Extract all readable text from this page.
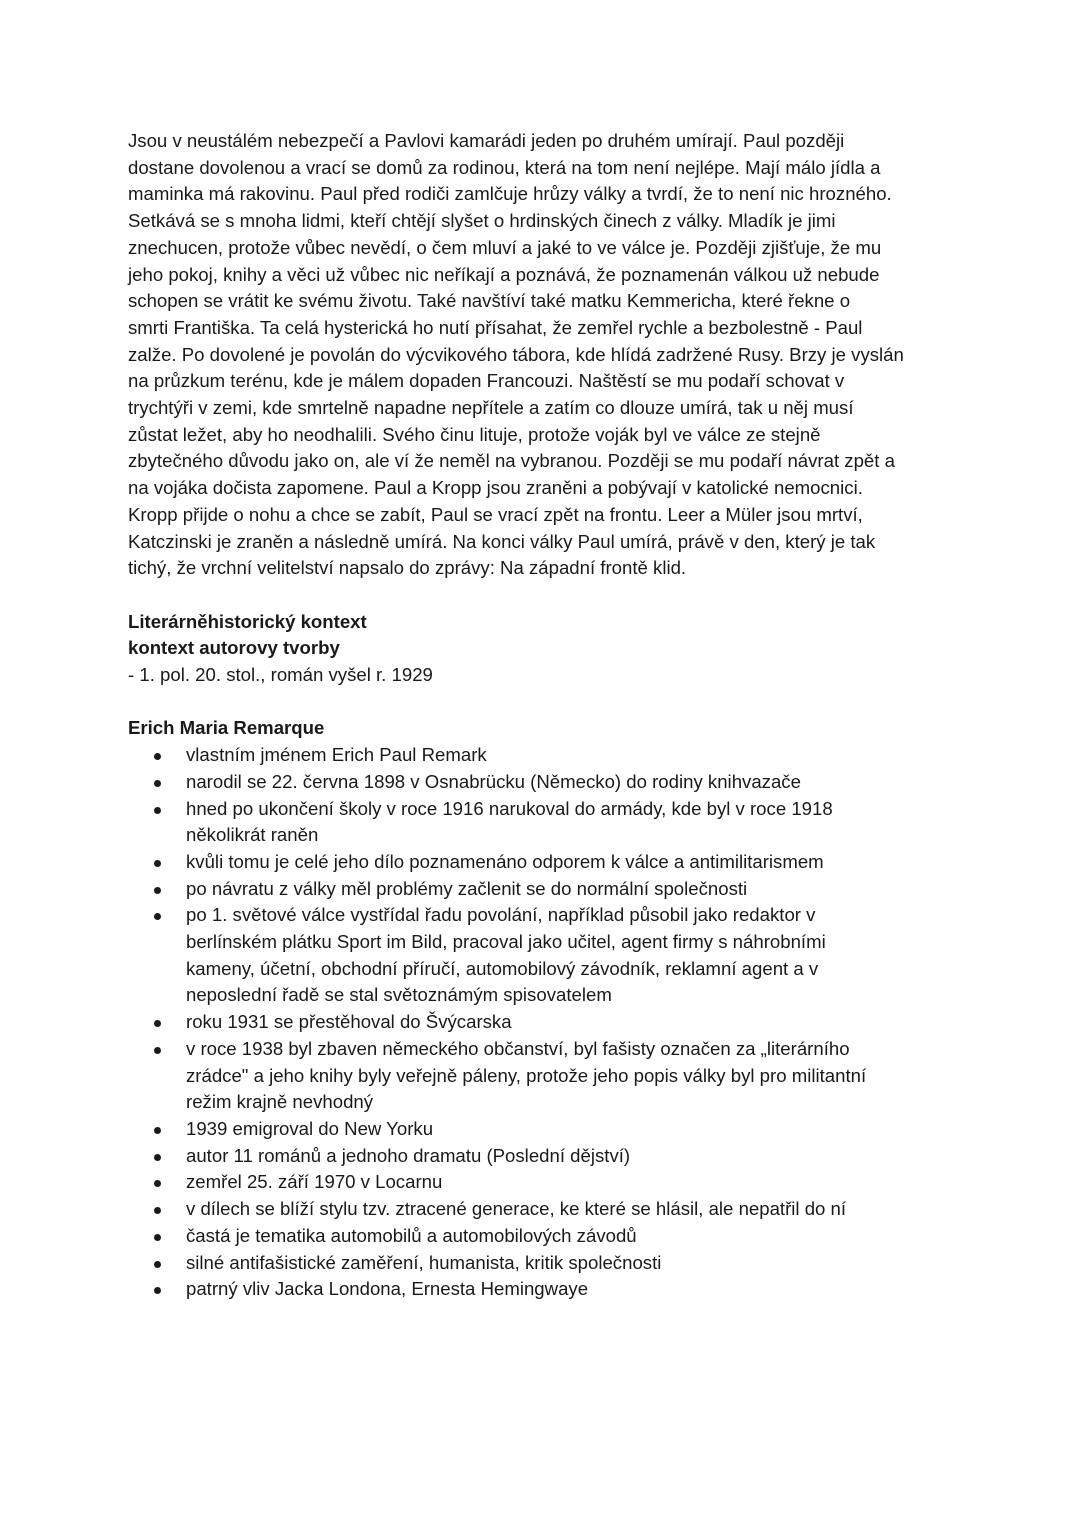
Jsou v neustálém nebezpečí a Pavlovi kamarádi jeden po druhém umírají. Paul později
dostane dovolenou a vrací se domů za rodinou, která na tom není nejlépe. Mají málo jídla a
maminka má rakovinu. Paul před rodiči zamlčuje hrůzy války a tvrdí, že to není nic hrozného.
Setkává se s mnoha lidmi, kteří chtějí slyšet o hrdinských činech z války. Mladík je jimi
znechucen, protože vůbec nevědí, o čem mluví a jaké to ve válce je. Později zjišťuje, že mu
jeho pokoj, knihy a věci už vůbec nic neříkají a poznává, že poznamenán válkou už nebude
schopen se vrátit ke svému životu. Také navštíví také matku Kemmericha, které řekne o
smrti Františka. Ta celá hysterická ho nutí přísahat, že zemřel rychle a bezbolestně - Paul
zalže. Po dovolené je povolán do výcvikového tábora, kde hlídá zadržené Rusy. Brzy je vyslán
na průzkum terénu, kde je málem dopaden Francouzi. Naštěstí se mu podaří schovat v
trychtýři v zemi, kde smrtelně napadne nepřítele a zatím co dlouze umírá, tak u něj musí
zůstat ležet, aby ho neodhalili. Svého činu lituje, protože voják byl ve válce ze stejně
zbytečného důvodu jako on, ale ví že neměl na vybranou. Později se mu podaří návrat zpět a
na vojáka dočista zapomene. Paul a Kropp jsou zraněni a pobývají v katolické nemocnici.
Kropp přijde o nohu a chce se zabít, Paul se vrací zpět na frontu. Leer a Müler jsou mrtví,
Katczinski je zraněn a následně umírá. Na konci války Paul umírá, právě v den, který je tak
tichý, že vrchní velitelství napsalo do zprávy: Na západní frontě klid.
Literárněhistorický kontext
kontext autorovy tvorby
- 1. pol. 20. stol., román vyšel r. 1929
Erich Maria Remarque
vlastním jménem Erich Paul Remark
narodil se 22. června 1898 v Osnabrücku (Německo) do rodiny knihvazače
hned po ukončení školy v roce 1916 narukoval do armády, kde byl v roce 1918
několikrát raněn
kvůli tomu je celé jeho dílo poznamenáno odporem k válce a antimilitarismem
po návratu z války měl problémy začlenit se do normální společnosti
po 1. světové válce vystřídal řadu povolání, například působil jako redaktor v
berlínském plátku Sport im Bild, pracoval jako učitel, agent firmy s náhrobními
kameny, účetní, obchodní příručí, automobilový závodník, reklamní agent a v
neposlední řadě se stal světoznámým spisovatelem
roku 1931 se přestěhoval do Švýcarska
v roce 1938 byl zbaven německého občanství, byl fašisty označen za „literárního
zrádce" a jeho knihy byly veřejně páleny, protože jeho popis války byl pro militantní
režim krajně nevhodný
1939 emigroval do New Yorku
autor 11 románů a jednoho dramatu (Poslední dějství)
zemřel 25. září 1970 v Locarnu
v dílech se blíží stylu tzv. ztracené generace, ke které se hlásil, ale nepatřil do ní
častá je tematika automobilů a automobilových závodů
silné antifašistické zaměření, humanista, kritik společnosti
patrný vliv Jacka Londona, Ernesta Hemingwaye
